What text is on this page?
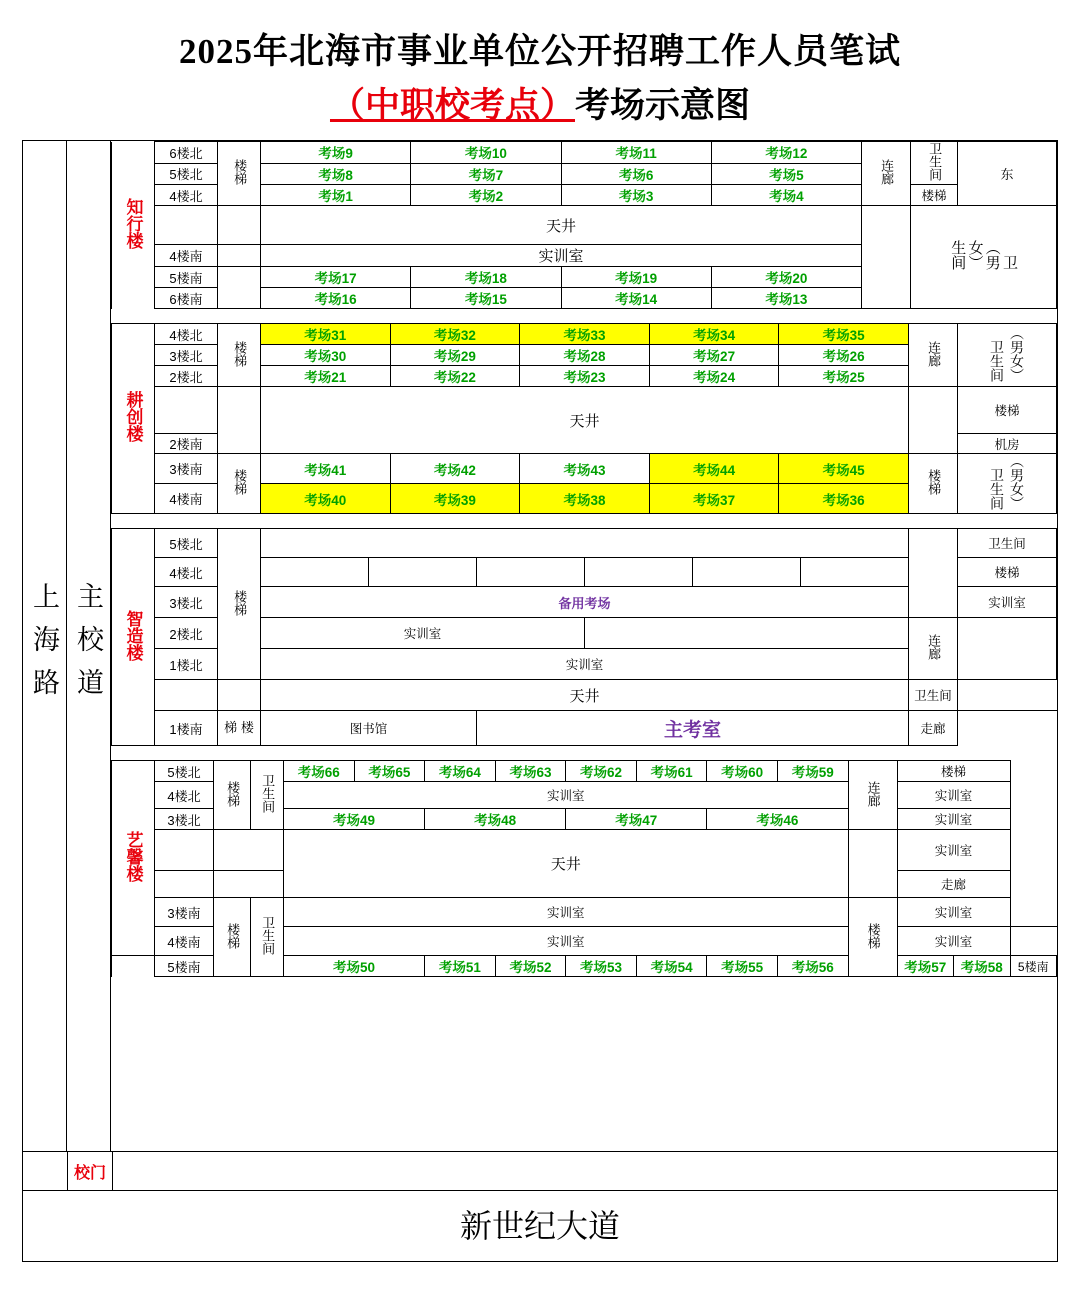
2025年北海市事业单位公开招聘工作人员笔试
（中职校考点）考场示意图
上海路 主校道
知行楼	6楼北	楼梯	考场9	考场10	考场11	考场12	连廊	卫生间	东
	5楼北		考场8	考场7	考场6	考场5			
	4楼北		考场1	考场2	考场3	考场4		楼梯	
			天井					生间女）（男卫	
	4楼南		实训室						
	5楼南		考场17	考场18	考场19	考场20			
	6楼南		考场16	考场15	考场14	考场13			
耕创楼	4楼北	楼梯	考场31	考场32	考场33	考场34	考场35	连廊	卫生间 （男女）
	3楼北		考场30	考场29	考场28	考场27	考场26		
	2楼北		考场21	考场22	考场23	考场24	考场25		
			天井						楼梯
	2楼南								机房
	3楼南	楼梯	考场41	考场42	考场43	考场44	考场45	楼梯	卫生间 （男女）
	4楼南		考场40	考场39	考场38	考场37	考场36		
智造楼	5楼北	楼梯								卫生间
	4楼北									楼梯
	3楼北		备用考场							实训室
	2楼北		实训室						连廊	
	1楼北		实训室							
			天井						卫生间	
	1楼南	梯 楼	图书馆		主考室				走廊	
艺馨楼	5楼北	楼梯	卫生间	考场66	考场65	考场64	考场63	考场62	考场61	考场60	考场59	连廊	楼梯		
	4楼北			实训室									实训室		
	3楼北			考场49		考场48		考场47		考场46			实训室		
				天井									实训室		
													走廊		
	3楼南	楼梯	卫生间	实训室								楼梯	实训室		
	4楼南			实训室									实训室		
	5楼南			考场50		考场51	考场52	考场53	考场54	考场55	考场56		考场57	考场58	5楼南
校门
新世纪大道
